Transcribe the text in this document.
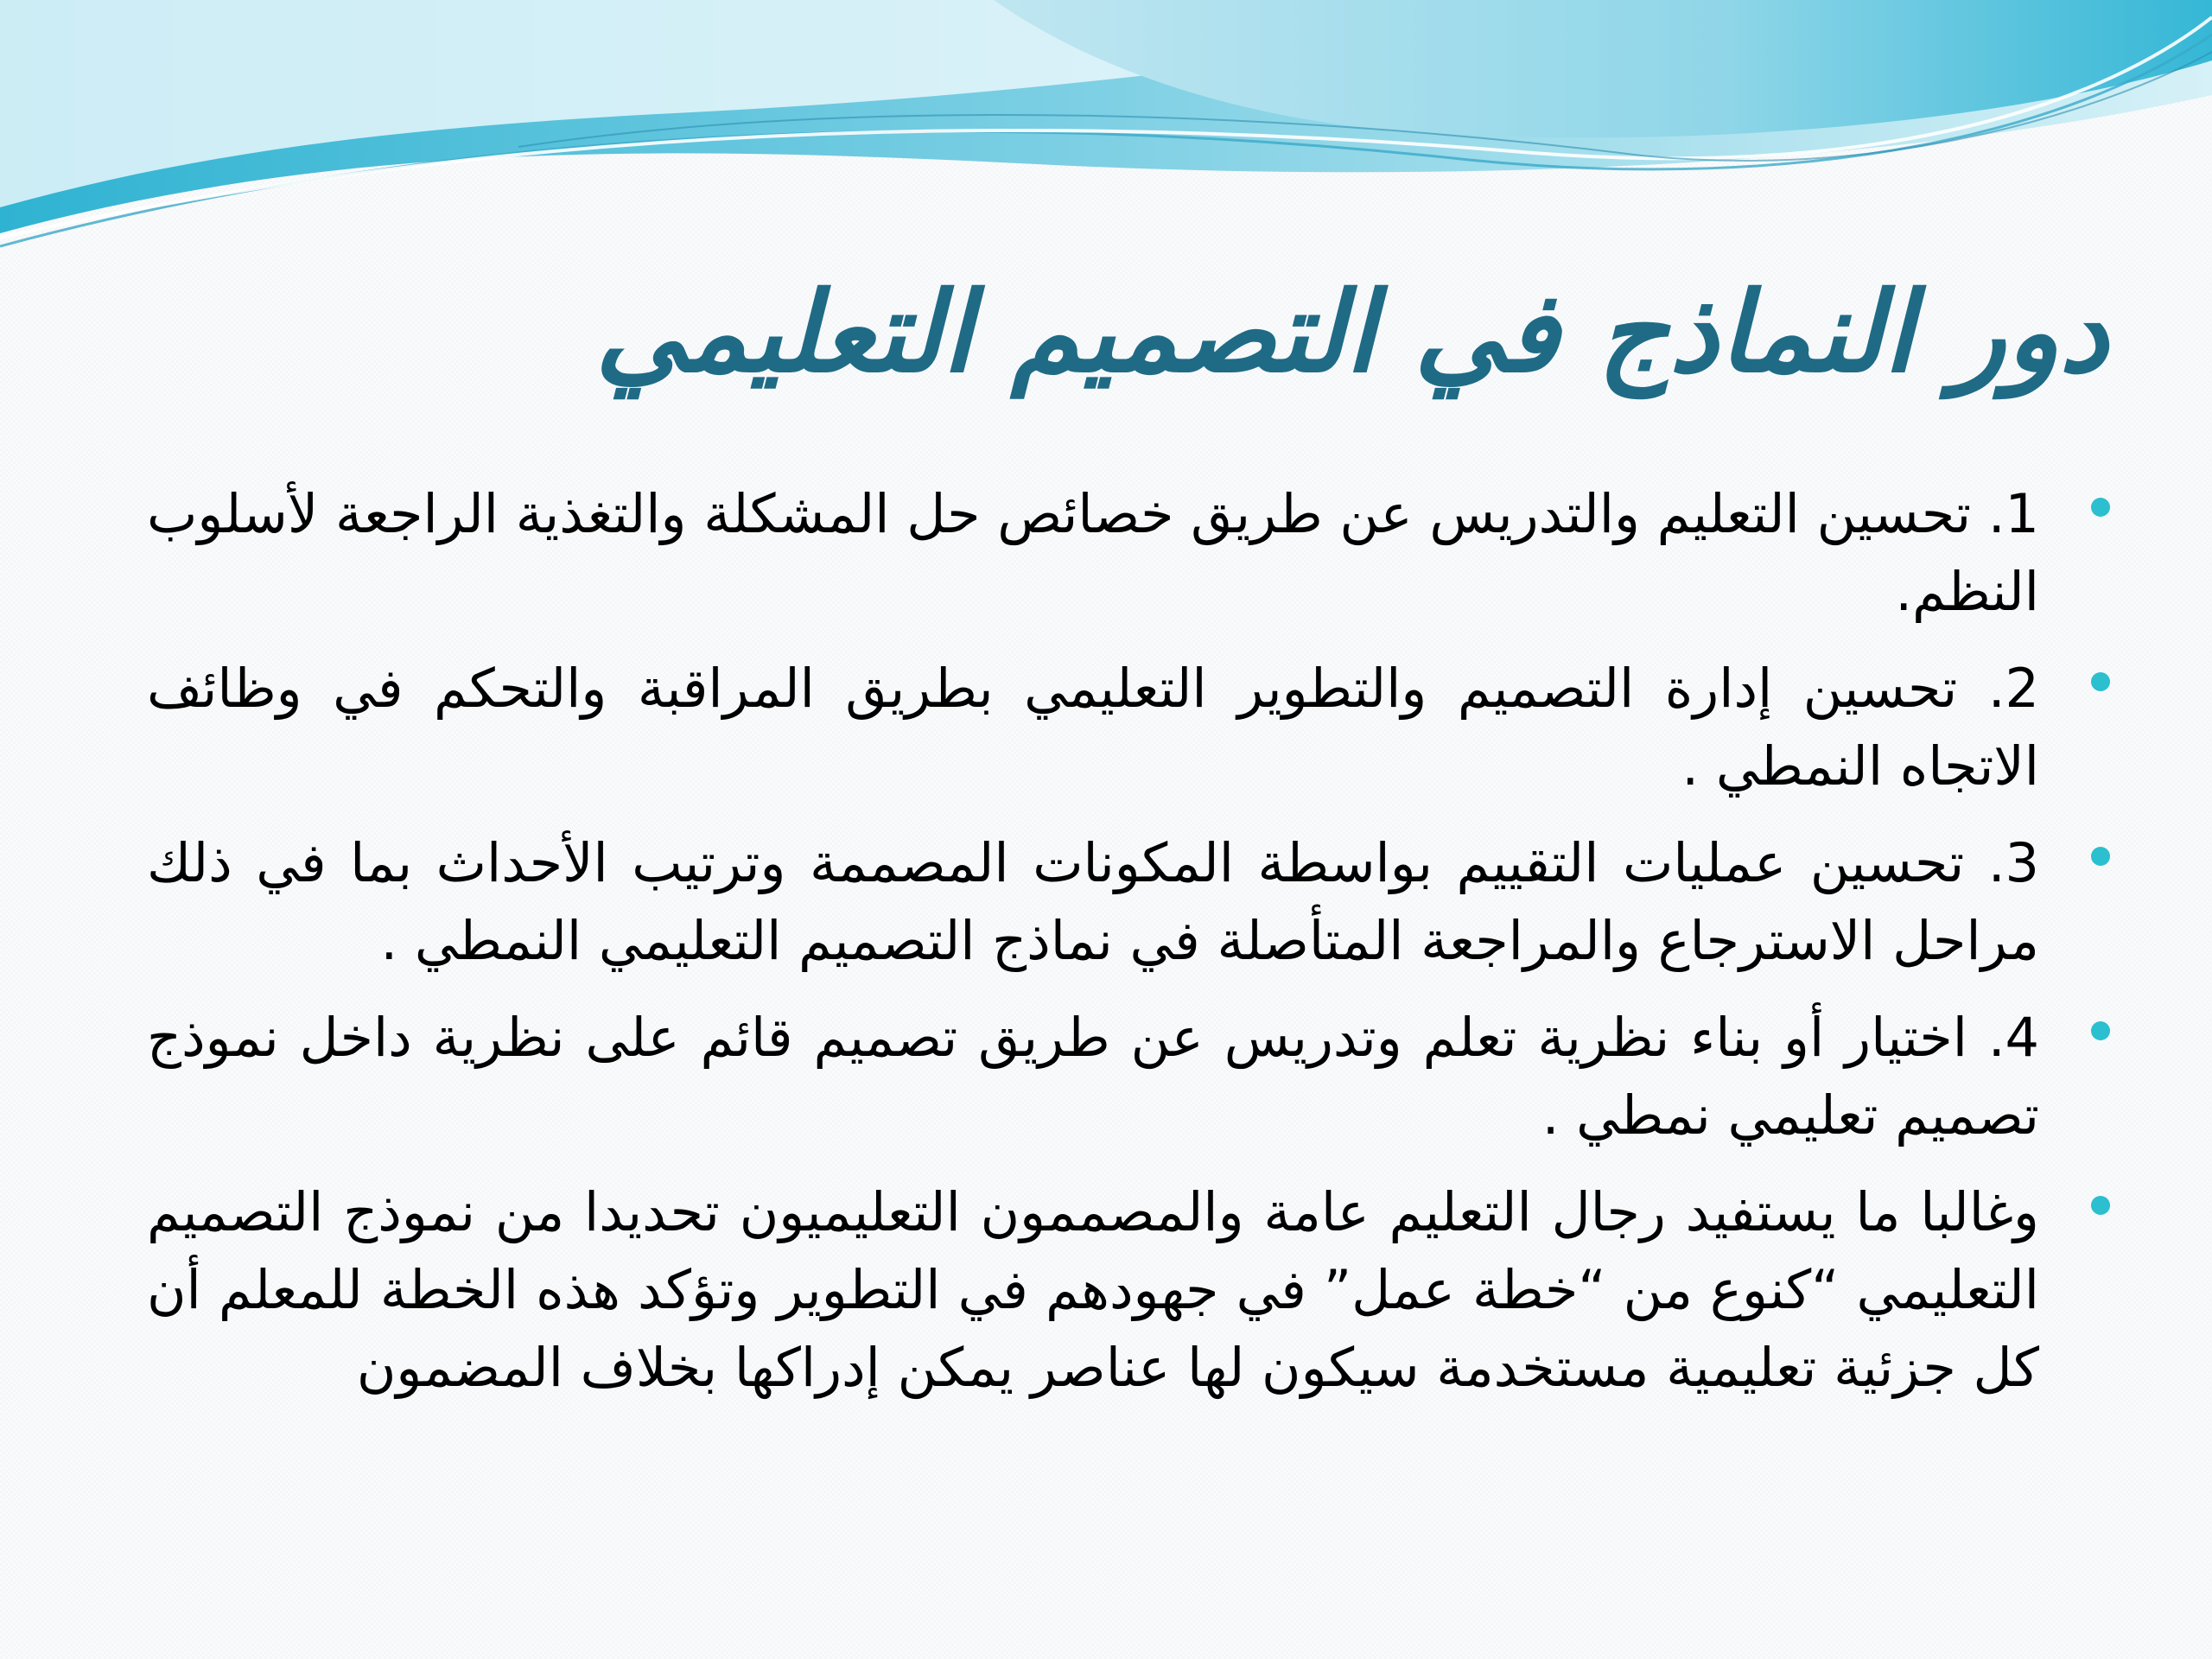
دور النماذج في التصميم التعليمي
1. تحسين التعليم والتدريس عن طريق خصائص حل المشكلة والتغذية الراجعة لأسلوب النظم.
2. تحسين إدارة التصميم والتطوير التعليمي بطريق المراقبة والتحكم في وظائف الاتجاه النمطي .
3. تحسين عمليات التقييم بواسطة المكونات المصممة وترتيب الأحداث بما في ذلك مراحل الاسترجاع والمراجعة المتأصلة في نماذج التصميم التعليمي النمطي .
4. اختيار أو بناء نظرية تعلم وتدريس عن طريق تصميم قائم على نظرية داخل نموذج تصميم تعليمي نمطي .
وغالبا ما يستفيد رجال التعليم عامة والمصممون التعليميون تحديدا من نموذج التصميم التعليمي “كنوع من “خطة عمل” في جهودهم في التطوير وتؤكد هذه الخطة للمعلم أن كل جزئية تعليمية مستخدمة سيكون لها عناصر يمكن إدراكها بخلاف المضمون
